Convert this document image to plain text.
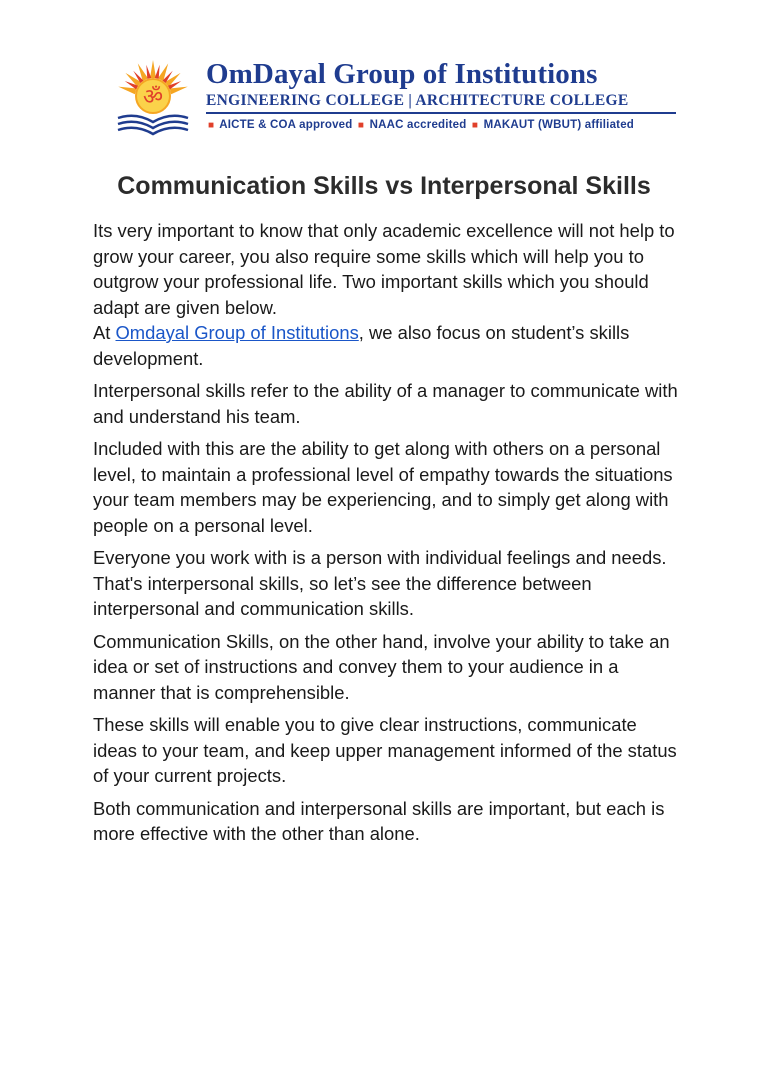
ॐ
OmDayal Group of Institutions
ENGINEERING COLLEGE | ARCHITECTURE COLLEGE
■ AICTE & COA approved ■ NAAC accredited ■ MAKAUT (WBUT) affiliated
Communication Skills vs Interpersonal Skills

Its very important to know that only academic excellence will not help to grow your career, you also require some skills which will help you to outgrow your professional life. Two important skills which you should adapt are given below.
At Omdayal Group of Institutions, we also focus on student’s skills development.

Interpersonal skills refer to the ability of a manager to communicate with and understand his team.

Included with this are the ability to get along with others on a personal level, to maintain a professional level of empathy towards the situations your team members may be experiencing, and to simply get along with people on a personal level.

Everyone you work with is a person with individual feelings and needs. That's interpersonal skills, so let’s see the difference between interpersonal and communication skills.

Communication Skills, on the other hand, involve your ability to take an idea or set of instructions and convey them to your audience in a manner that is comprehensible.

These skills will enable you to give clear instructions, communicate ideas to your team, and keep upper management informed of the status of your current projects.

Both communication and interpersonal skills are important, but each is more effective with the other than alone.
